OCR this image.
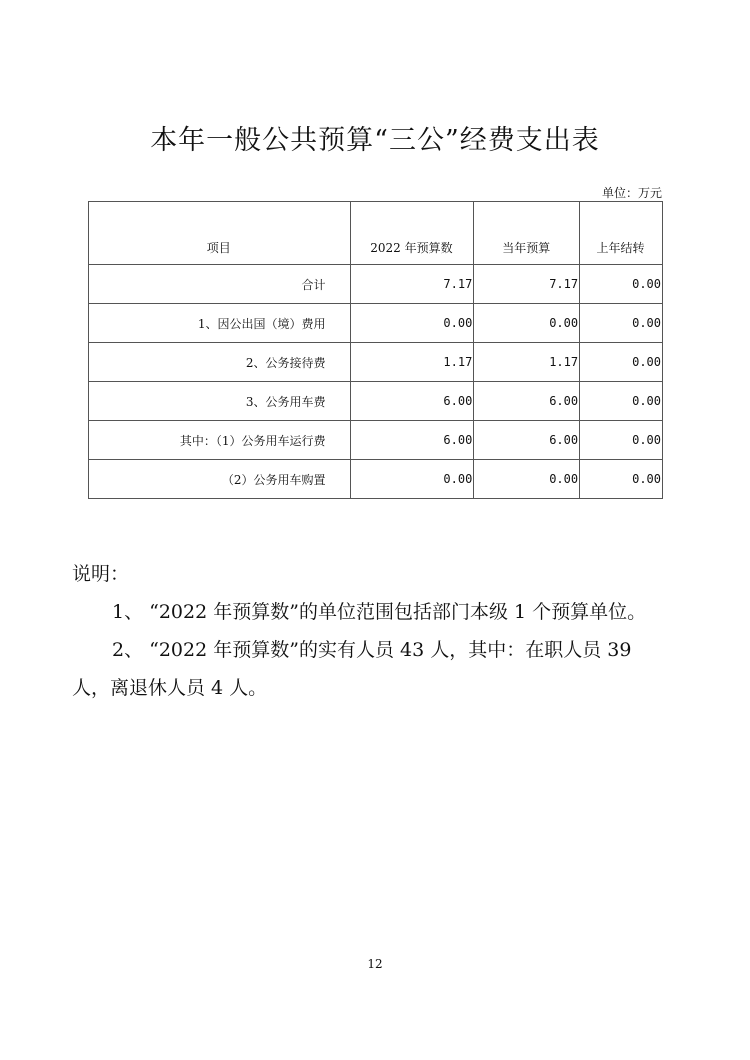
本年一般公共预算“三公”经费支出表
单位：万元
项目	2022 年预算数	当年预算	上年结转
合计	7.17	7.17	0.00
1、因公出国（境）费用	0.00	0.00	0.00
2、公务接待费	1.17	1.17	0.00
3、公务用车费	6.00	6.00	0.00
其中：（1）公务用车运行费	6.00	6.00	0.00
（2）公务用车购置	0.00	0.00	0.00

说明：

1、 “2022 年预算数”的单位范围包括部门本级 1 个预算单位。

2、 “2022 年预算数”的实有人员 43 人，其中：在职人员 39

人，离退休人员 4 人。

12
